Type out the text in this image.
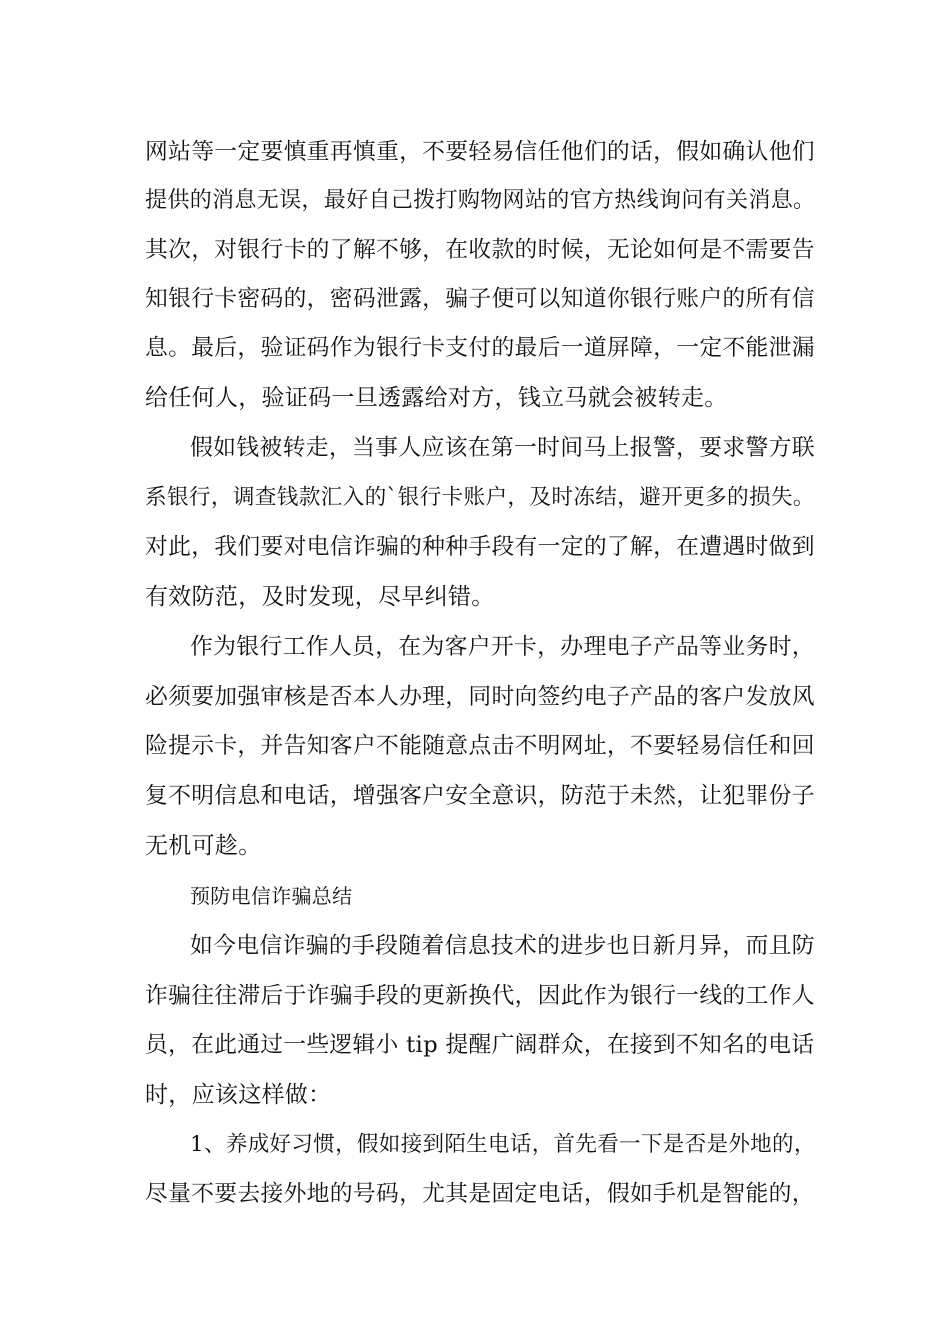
网站等一定要慎重再慎重，不要轻易信任他们的话，假如确认他们
提供的消息无误，最好自己拨打购物网站的官方热线询问有关消息。
其次，对银行卡的了解不够，在收款的时候，无论如何是不需要告
知银行卡密码的，密码泄露，骗子便可以知道你银行账户的所有信
息。最后，验证码作为银行卡支付的最后一道屏障，一定不能泄漏
给任何人，验证码一旦透露给对方，钱立马就会被转走。
假如钱被转走，当事人应该在第一时间马上报警，要求警方联
系银行，调查钱款汇入的`银行卡账户，及时冻结，避开更多的损失。
对此，我们要对电信诈骗的种种手段有一定的了解，在遭遇时做到
有效防范，及时发现，尽早纠错。
作为银行工作人员，在为客户开卡，办理电子产品等业务时，
必须要加强审核是否本人办理，同时向签约电子产品的客户发放风
险提示卡，并告知客户不能随意点击不明网址，不要轻易信任和回
复不明信息和电话，增强客户安全意识，防范于未然，让犯罪份子
无机可趁。
预防电信诈骗总结
如今电信诈骗的手段随着信息技术的进步也日新月异，而且防
诈骗往往滞后于诈骗手段的更新换代，因此作为银行一线的工作人
员，在此通过一些逻辑小 tip 提醒广阔群众，在接到不知名的电话
时，应该这样做：
1、养成好习惯，假如接到陌生电话，首先看一下是否是外地的，
尽量不要去接外地的号码，尤其是固定电话，假如手机是智能的，
